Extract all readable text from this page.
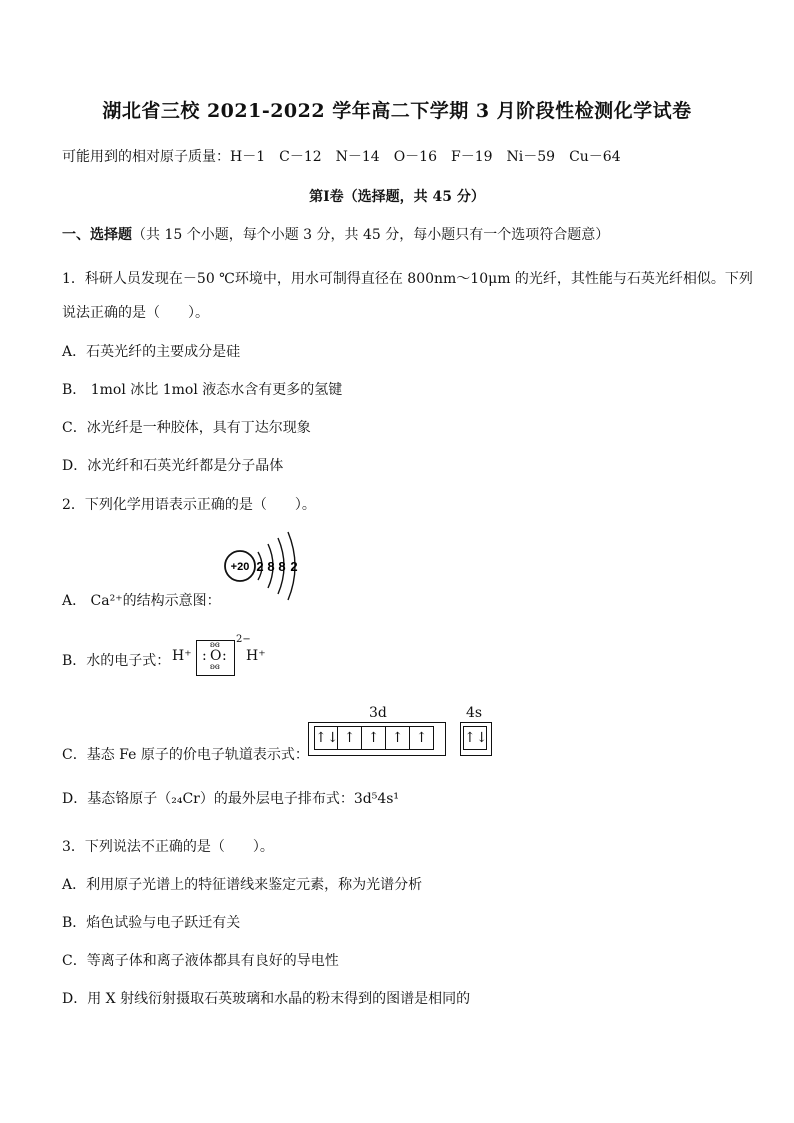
湖北省三校 2021-2022 学年高二下学期 3 月阶段性检测化学试卷
可能用到的相对原子质量：H－1　C－12　N－14　O－16　F－19　Ni－59　Cu－64
第Ⅰ卷（选择题，共 45 分）
一、选择题（共 15 个小题，每个小题 3 分，共 45 分，每小题只有一个选项符合题意）
1．科研人员发现在－50 ℃环境中，用水可制得直径在 800nm～10μm 的光纤，其性能与石英光纤相似。下列
说法正确的是（　　）。
A．石英光纤的主要成分是硅
B． 1mol 冰比 1mol 液态水含有更多的氢键
C．冰光纤是一种胶体，具有丁达尔现象
D．冰光纤和石英光纤都是分子晶体
2．下列化学用语表示正确的是（　　）。
+20 2 8 8 2
A． Ca²⁺的结构示意图：
B．水的电子式： H⁺
ʚɞ
: O :
ʚɞ
2−
H⁺
C．基态 Fe 原子的价电子轨道表示式：
3d
↑↓ ↑ ↑ ↑ ↑
4s
↑↓
D．基态铬原子（₂₄Cr）的最外层电子排布式：3d⁵4s¹
3．下列说法不正确的是（　　）。
A．利用原子光谱上的特征谱线来鉴定元素，称为光谱分析
B．焰色试验与电子跃迁有关
C．等离子体和离子液体都具有良好的导电性
D．用 X 射线衍射摄取石英玻璃和水晶的粉末得到的图谱是相同的
